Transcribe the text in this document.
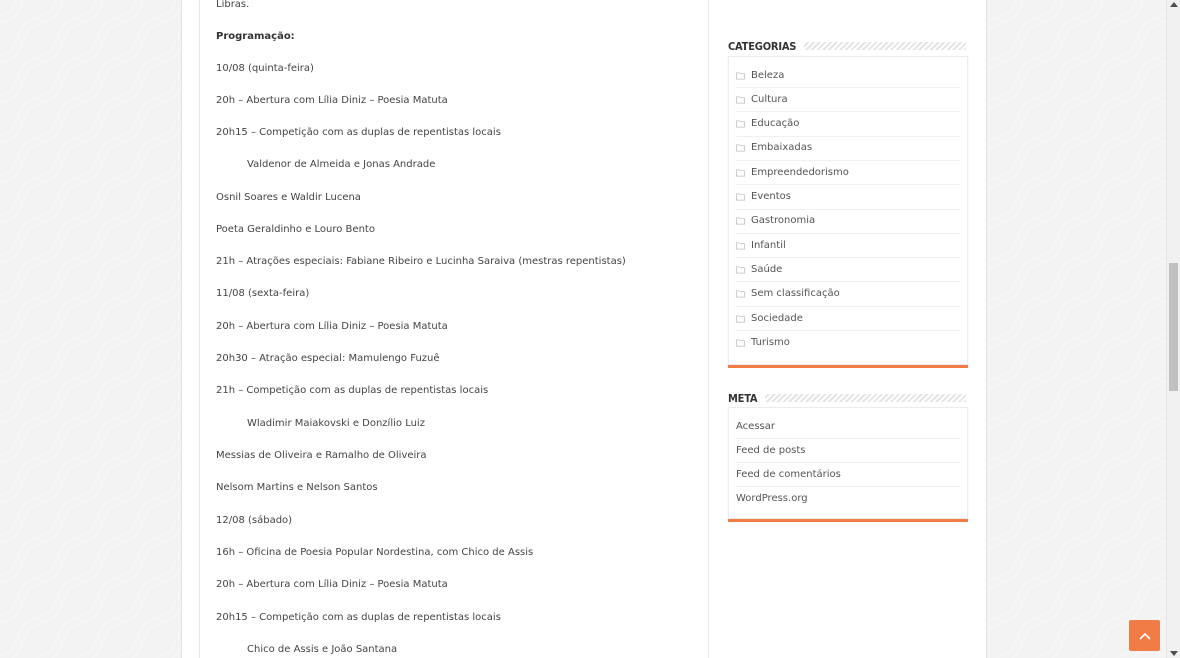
Libras.

Programação:

10/08 (quinta-feira)

20h – Abertura com Lília Diniz – Poesia Matuta

20h15 – Competição com as duplas de repentistas locais

Valdenor de Almeida e Jonas Andrade

Osnil Soares e Waldir Lucena

Poeta Geraldinho e Louro Bento

21h – Atrações especiais: Fabiane Ribeiro e Lucinha Saraiva (mestras repentistas)

11/08 (sexta-feira)

20h – Abertura com Lília Diniz – Poesia Matuta

20h30 – Atração especial: Mamulengo Fuzuê

21h – Competição com as duplas de repentistas locais

Wladimir Maiakovski e Donzílio Luiz

Messias de Oliveira e Ramalho de Oliveira

Nelsom Martins e Nelson Santos

12/08 (sábado)

16h – Oficina de Poesia Popular Nordestina, com Chico de Assis

20h – Abertura com Lília Diniz – Poesia Matuta

20h15 – Competição com as duplas de repentistas locais

Chico de Assis e João Santana

CATEGORIAS
Beleza
Cultura
Educação
Embaixadas
Empreendedorismo
Eventos
Gastronomia
Infantil
Saúde
Sem classificação
Sociedade
Turismo
META
Acessar
Feed de posts
Feed de comentários
WordPress.org
